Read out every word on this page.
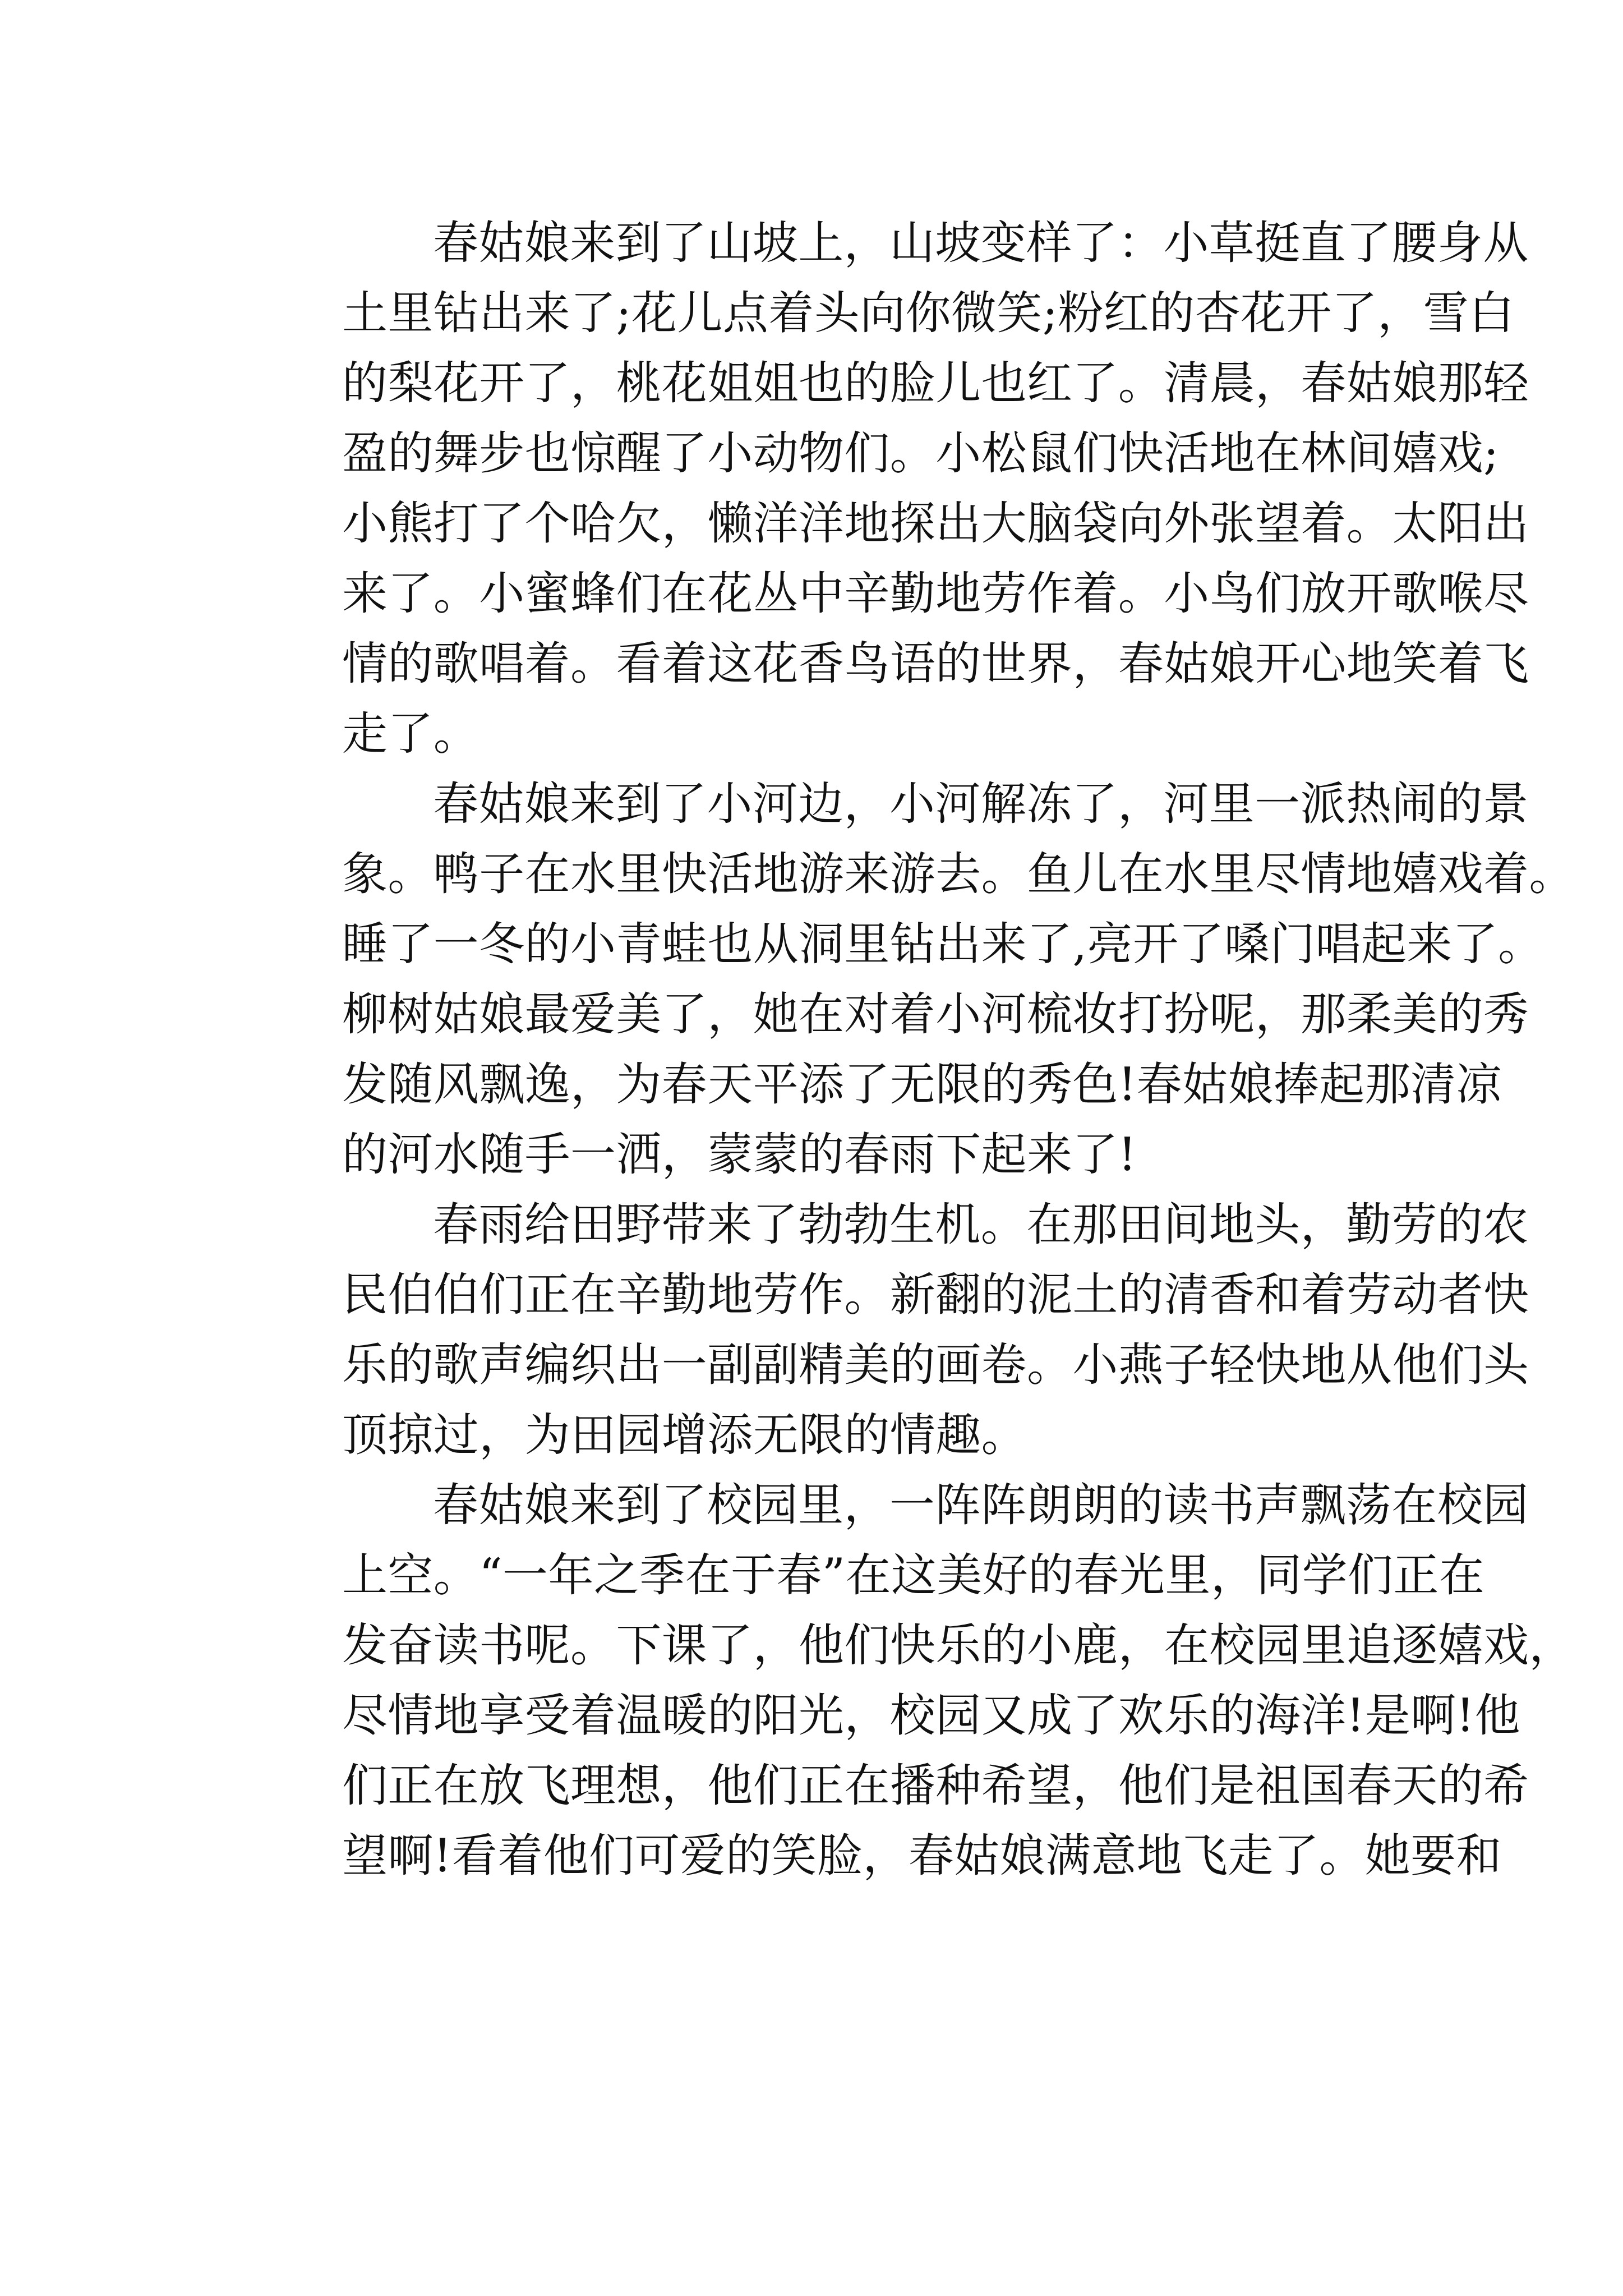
春姑娘来到了山坡上，山坡变样了：小草挺直了腰身从
土里钻出来了;花儿点着头向你微笑;粉红的杏花开了，雪白
的梨花开了，桃花姐姐也的脸儿也红了。清晨，春姑娘那轻
盈的舞步也惊醒了小动物们。小松鼠们快活地在林间嬉戏;
小熊打了个哈欠，懒洋洋地探出大脑袋向外张望着。太阳出
来了。小蜜蜂们在花丛中辛勤地劳作着。小鸟们放开歌喉尽
情的歌唱着。看着这花香鸟语的世界，春姑娘开心地笑着飞
走了。
春姑娘来到了小河边，小河解冻了，河里一派热闹的景
象。鸭子在水里快活地游来游去。鱼儿在水里尽情地嬉戏着。
睡了一冬的小青蛙也从洞里钻出来了,亮开了嗓门唱起来了。
柳树姑娘最爱美了，她在对着小河梳妆打扮呢，那柔美的秀
发随风飘逸，为春天平添了无限的秀色!春姑娘捧起那清凉
的河水随手一洒，蒙蒙的春雨下起来了!
春雨给田野带来了勃勃生机。在那田间地头，勤劳的农
民伯伯们正在辛勤地劳作。新翻的泥土的清香和着劳动者快
乐的歌声编织出一副副精美的画卷。小燕子轻快地从他们头
顶掠过，为田园增添无限的情趣。
春姑娘来到了校园里，一阵阵朗朗的读书声飘荡在校园
上空。“一年之季在于春”在这美好的春光里，同学们正在
发奋读书呢。下课了，他们快乐的小鹿，在校园里追逐嬉戏，
尽情地享受着温暖的阳光，校园又成了欢乐的海洋!是啊!他
们正在放飞理想，他们正在播种希望，他们是祖国春天的希
望啊!看着他们可爱的笑脸，春姑娘满意地飞走了。她要和
